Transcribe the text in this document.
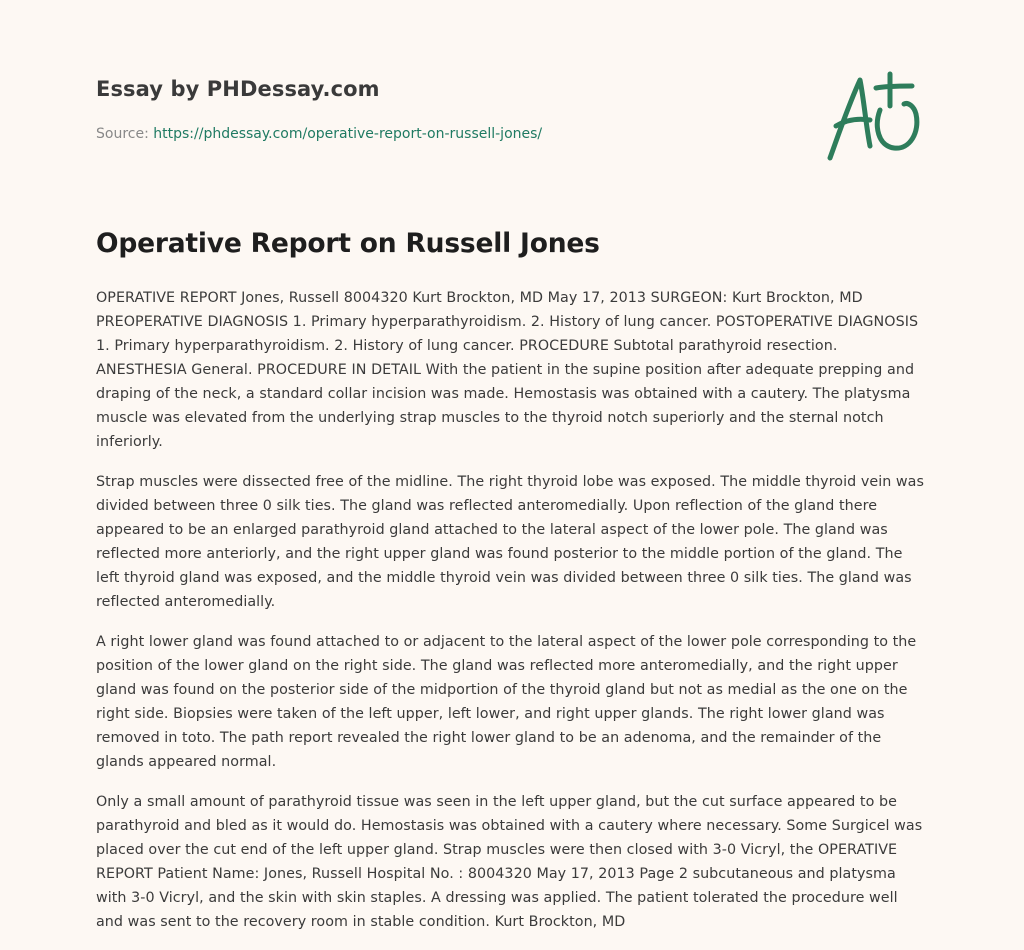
Essay by PHDessay.com
Source: https://phdessay.com/operative-report-on-russell-jones/
Operative Report on Russell Jones

OPERATIVE REPORT Jones, Russell 8004320 Kurt Brockton, MD May 17, 2013 SURGEON: Kurt Brockton, MD PREOPERATIVE DIAGNOSIS 1. Primary hyperparathyroidism. 2. History of lung cancer. POSTOPERATIVE DIAGNOSIS 1. Primary hyperparathyroidism. 2. History of lung cancer. PROCEDURE Subtotal parathyroid resection. ANESTHESIA General. PROCEDURE IN DETAIL With the patient in the supine position after adequate prepping and draping of the neck, a standard collar incision was made. Hemostasis was obtained with a cautery. The platysma muscle was elevated from the underlying strap muscles to the thyroid notch superiorly and the sternal notch inferiorly.

Strap muscles were dissected free of the midline. The right thyroid lobe was exposed. The middle thyroid vein was divided between three 0 silk ties. The gland was reflected anteromedially. Upon reflection of the gland there appeared to be an enlarged parathyroid gland attached to the lateral aspect of the lower pole. The gland was reflected more anteriorly, and the right upper gland was found posterior to the middle portion of the gland. The left thyroid gland was exposed, and the middle thyroid vein was divided between three 0 silk ties. The gland was reflected anteromedially.

A right lower gland was found attached to or adjacent to the lateral aspect of the lower pole corresponding to the position of the lower gland on the right side. The gland was reflected more anteromedially, and the right upper gland was found on the posterior side of the midportion of the thyroid gland but not as medial as the one on the right side. Biopsies were taken of the left upper, left lower, and right upper glands. The right lower gland was removed in toto. The path report revealed the right lower gland to be an adenoma, and the remainder of the glands appeared normal.

Only a small amount of parathyroid tissue was seen in the left upper gland, but the cut surface appeared to be parathyroid and bled as it would do. Hemostasis was obtained with a cautery where necessary. Some Surgicel was placed over the cut end of the left upper gland. Strap muscles were then closed with 3-0 Vicryl, the OPERATIVE REPORT Patient Name: Jones, Russell Hospital No. : 8004320 May 17, 2013 Page 2 subcutaneous and platysma with 3-0 Vicryl, and the skin with skin staples. A dressing was applied. The patient tolerated the procedure well and was sent to the recovery room in stable condition. Kurt Brockton, MD
